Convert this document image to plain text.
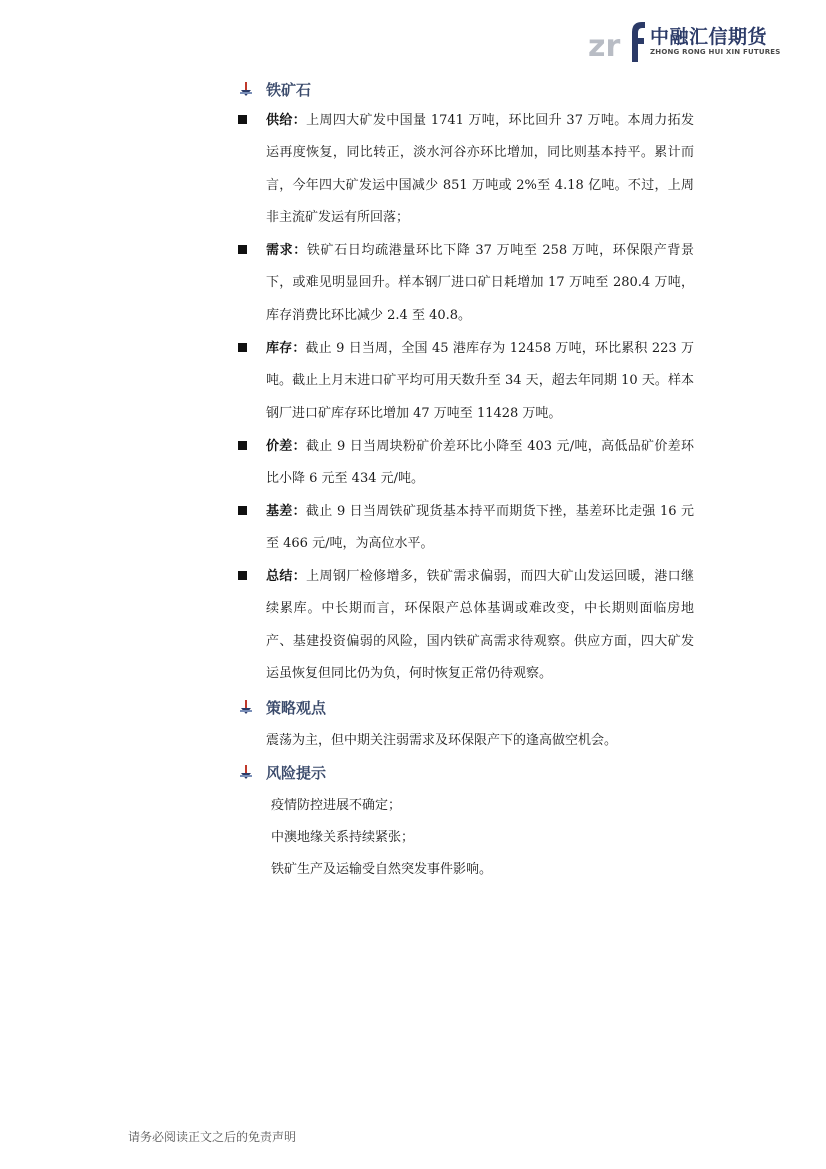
zr 中融汇信期货
ZHONG RONG HUI XIN FUTURES
铁矿石
供给：上周四大矿发中国量 1741 万吨，环比回升 37 万吨。本周力拓发运再度恢复，同比转正，淡水河谷亦环比增加，同比则基本持平。累计而言，今年四大矿发运中国减少 851 万吨或 2%至 4.18 亿吨。不过，上周非主流矿发运有所回落；
需求：铁矿石日均疏港量环比下降 37 万吨至 258 万吨，环保限产背景下，或难见明显回升。样本钢厂进口矿日耗增加 17 万吨至 280.4 万吨，库存消费比环比减少 2.4 至 40.8。
库存：截止 9 日当周，全国 45 港库存为 12458 万吨，环比累积 223 万吨。截止上月末进口矿平均可用天数升至 34 天，超去年同期 10 天。样本钢厂进口矿库存环比增加 47 万吨至 11428 万吨。
价差：截止 9 日当周块粉矿价差环比小降至 403 元/吨，高低品矿价差环比小降 6 元至 434 元/吨。
基差：截止 9 日当周铁矿现货基本持平而期货下挫，基差环比走强 16 元至 466 元/吨，为高位水平。
总结：上周钢厂检修增多，铁矿需求偏弱，而四大矿山发运回暖，港口继续累库。中长期而言，环保限产总体基调或难改变，中长期则面临房地产、基建投资偏弱的风险，国内铁矿高需求待观察。供应方面，四大矿发运虽恢复但同比仍为负，何时恢复正常仍待观察。
策略观点
震荡为主，但中期关注弱需求及环保限产下的逢高做空机会。
风险提示
疫情防控进展不确定；
中澳地缘关系持续紧张；
铁矿生产及运输受自然突发事件影响。
请务必阅读正文之后的免责声明
